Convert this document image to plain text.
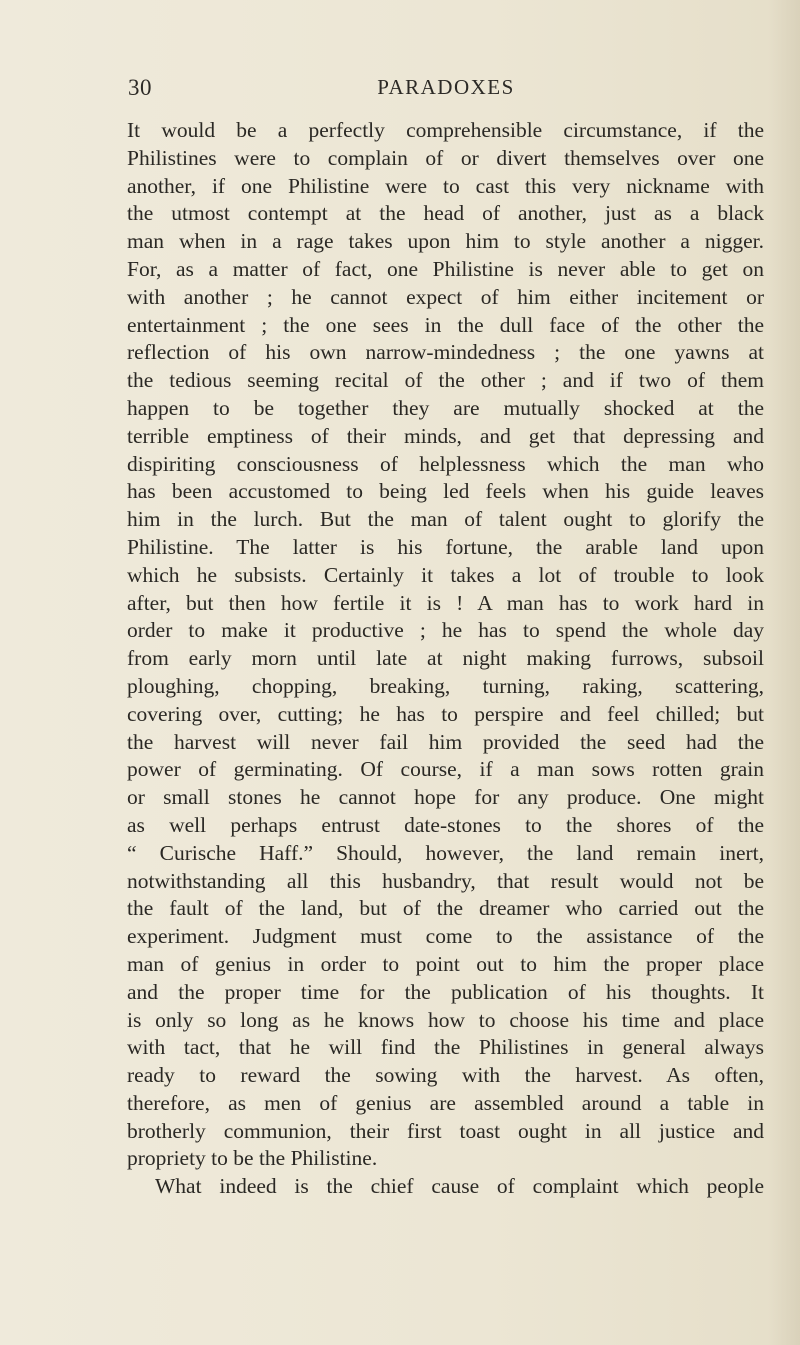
30	PARADOXES
It would be a perfectly comprehensible circumstance, if the
Philistines were to complain of or divert themselves over one
another, if one Philistine were to cast this very nickname with
the utmost contempt at the head of another, just as a black
man when in a rage takes upon him to style another a nigger.
For, as a matter of fact, one Philistine is never able to get on
with another ; he cannot expect of him either incitement or
entertainment ; the one sees in the dull face of the other the
reflection of his own narrow-mindedness ; the one yawns at
the tedious seeming recital of the other ; and if two of them
happen to be together they are mutually shocked at the
terrible emptiness of their minds, and get that depressing and
dispiriting consciousness of helplessness which the man who
has been accustomed to being led feels when his guide leaves
him in the lurch. But the man of talent ought to glorify the
Philistine. The latter is his fortune, the arable land upon
which he subsists. Certainly it takes a lot of trouble to look
after, but then how fertile it is ! A man has to work hard in
order to make it productive ; he has to spend the whole day
from early morn until late at night making furrows, subsoil
ploughing, chopping, breaking, turning, raking, scattering,
covering over, cutting; he has to perspire and feel chilled; but
the harvest will never fail him provided the seed had the
power of germinating. Of course, if a man sows rotten grain
or small stones he cannot hope for any produce. One might
as well perhaps entrust date-stones to the shores of the
“ Curische Haff.” Should, however, the land remain inert,
notwithstanding all this husbandry, that result would not be
the fault of the land, but of the dreamer who carried out the
experiment. Judgment must come to the assistance of the
man of genius in order to point out to him the proper place
and the proper time for the publication of his thoughts. It
is only so long as he knows how to choose his time and place
with tact, that he will find the Philistines in general always
ready to reward the sowing with the harvest. As often,
therefore, as men of genius are assembled around a table in
brotherly communion, their first toast ought in all justice and
propriety to be the Philistine.
What indeed is the chief cause of complaint which people
